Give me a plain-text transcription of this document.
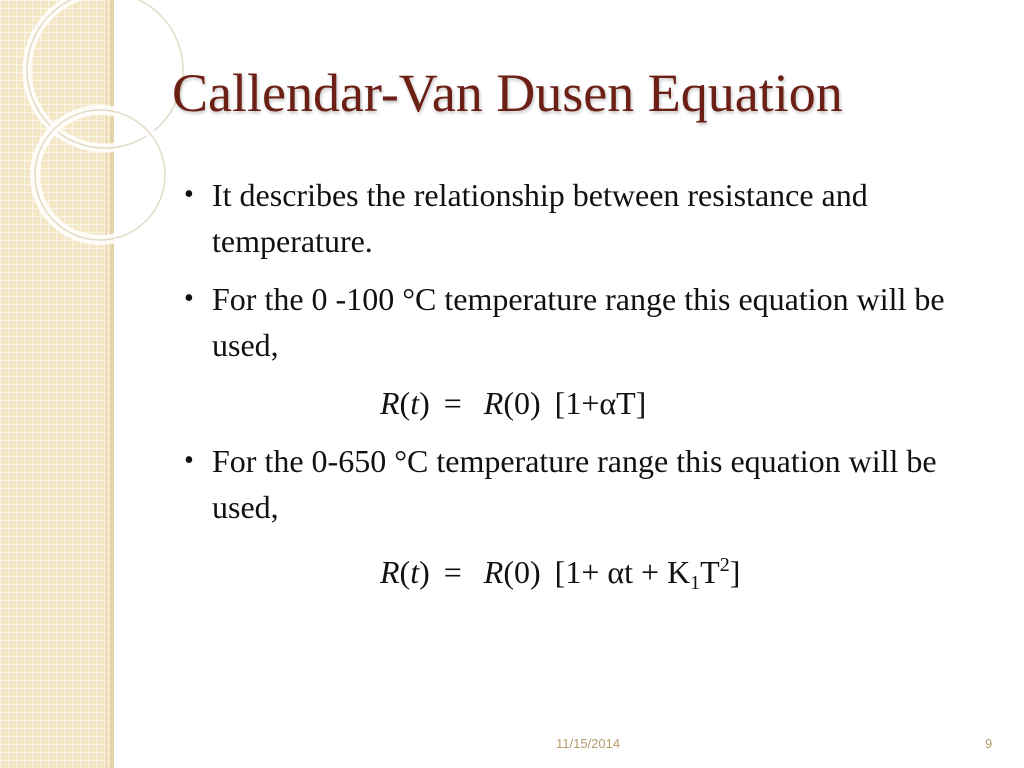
Callendar-Van Dusen Equation
• It describes the relationship between resistance and temperature.
• For the 0 -100 °C temperature range this equation will be used,
R(t) = R(0) [1+αT]
• For the 0-650 °C temperature range this equation will be used,
R(t) = R(0) $[1+ \alpha t + K_1T^2]$
11/15/2014	9
